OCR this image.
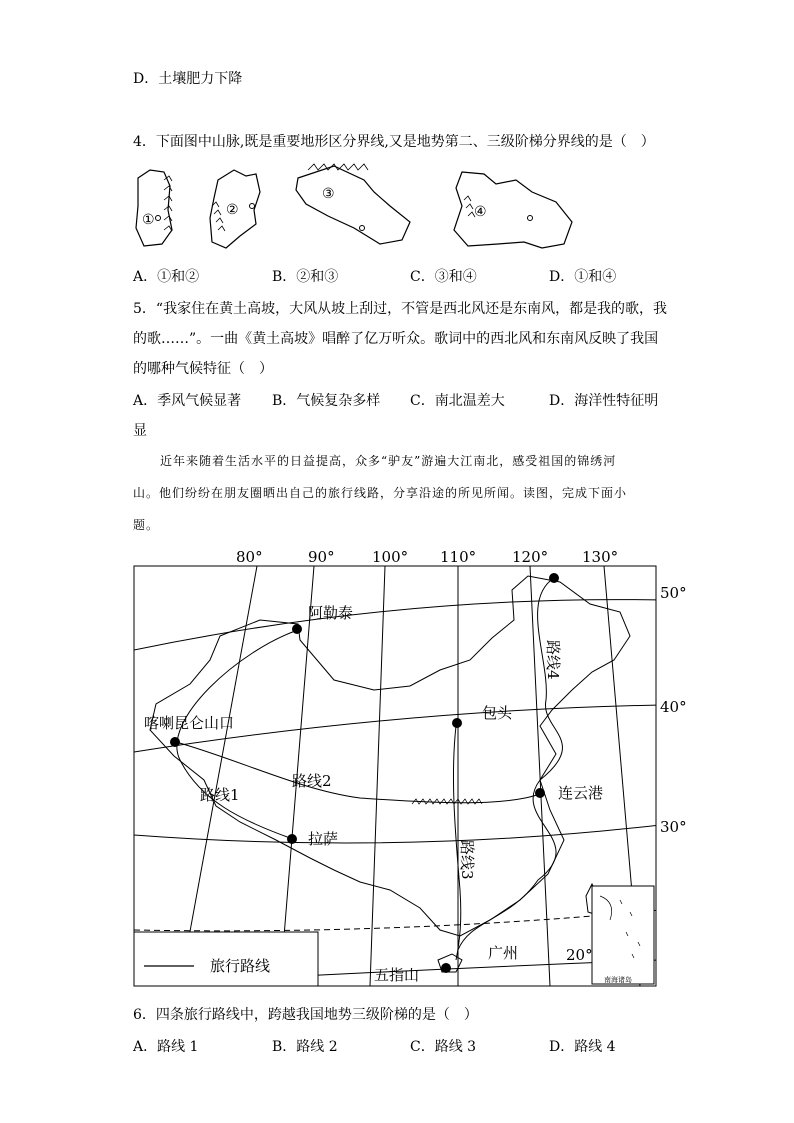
D．土壤肥力下降
4．下面图中山脉,既是重要地形区分界线,又是地势第二、三级阶梯分界线的是（　）
①
②
③
④
A．①和②	B．②和③	C．③和④	D．①和④
5．“我家住在黄土高坡，大风从坡上刮过，不管是西北风还是东南风，都是我的歌，我
的歌……”。一曲《黄土高坡》唱醉了亿万听众。歌词中的西北风和东南风反映了我国
的哪种气候特征（　）
A．季风气候显著 B．气候复杂多样 C．南北温差大	D．海洋性特征明
显
近年来随着生活水平的日益提高，众多“驴友”游遍大江南北，感受祖国的锦绣河
山。他们纷纷在朋友圈晒出自己的旅行线路，分享沿途的所见所闻。读图，完成下面小
题。
南海诸岛
旅行路线
80°	90° 100° 110° 120° 130°
50°
40°
30°
20°
阿勒泰
包头
喀喇昆仑山口
连云港
拉萨
广州
五指山
路线1
路线2
路线3
路线4
6．四条旅行路线中，跨越我国地势三级阶梯的是（　）
A．路线 1	B．路线 2	C．路线 3	D．路线 4
